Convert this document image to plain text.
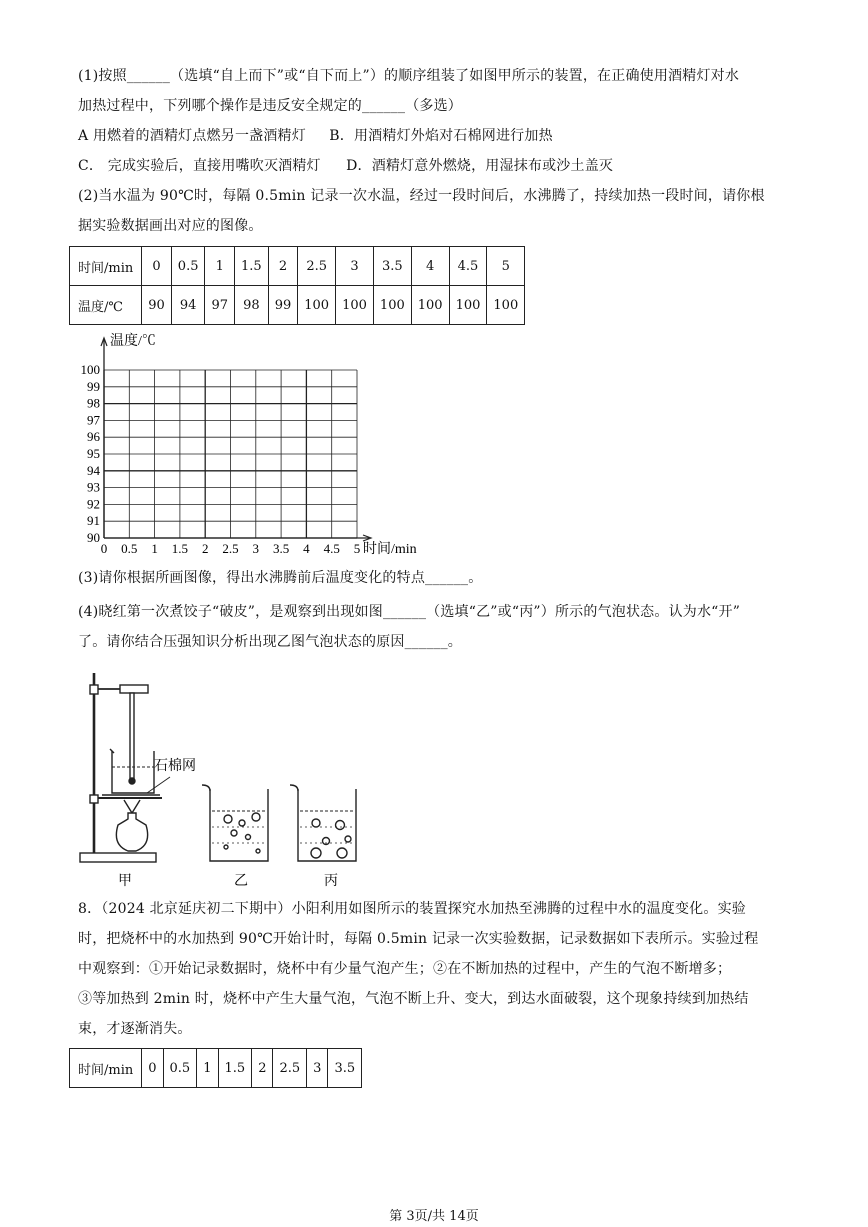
(1)按照______（选填“自上而下”或“自下而上”）的顺序组装了如图甲所示的装置，在正确使用酒精灯对水
加热过程中，下列哪个操作是违反安全规定的______（多选）
A 用燃着的酒精灯点燃另一盏酒精灯 B．用酒精灯外焰对石棉网进行加热
C． 完成实验后，直接用嘴吹灭酒精灯 D．酒精灯意外燃烧，用湿抹布或沙土盖灭
(2)当水温为 90℃时，每隔 0.5min 记录一次水温，经过一段时间后，水沸腾了，持续加热一段时间，请你根
据实验数据画出对应的图像。
时间/min	0	0.5	1	1.5	2	2.5	3	3.5	4	4.5	5
温度/℃	90	94	97	98	99	100	100	100	100	100	100
90
91
92
93
94
95
96
97
98
99
100
0 0.5 1 1.5 2 2.5 3 3.5 4 4.5 5
温度/℃
时间/min
(3)请你根据所画图像，得出水沸腾前后温度变化的特点______。
(4)晓红第一次煮饺子“破皮”，是观察到出现如图______（选填“乙”或“丙”）所示的气泡状态。认为水“开”
了。请你结合压强知识分析出现乙图气泡状态的原因______。
石棉网
甲	乙	丙
8．（2024 北京延庆初二下期中）小阳利用如图所示的装置探究水加热至沸腾的过程中水的温度变化。实验
时，把烧杯中的水加热到 90℃开始计时，每隔 0.5min 记录一次实验数据，记录数据如下表所示。实验过程
中观察到：①开始记录数据时，烧杯中有少量气泡产生；②在不断加热的过程中，产生的气泡不断增多；
③等加热到 2min 时，烧杯中产生大量气泡，气泡不断上升、变大，到达水面破裂，这个现象持续到加热结
束，才逐渐消失。
时间/min	0	0.5	1	1.5	2	2.5	3	3.5
第 3页/共 14页
